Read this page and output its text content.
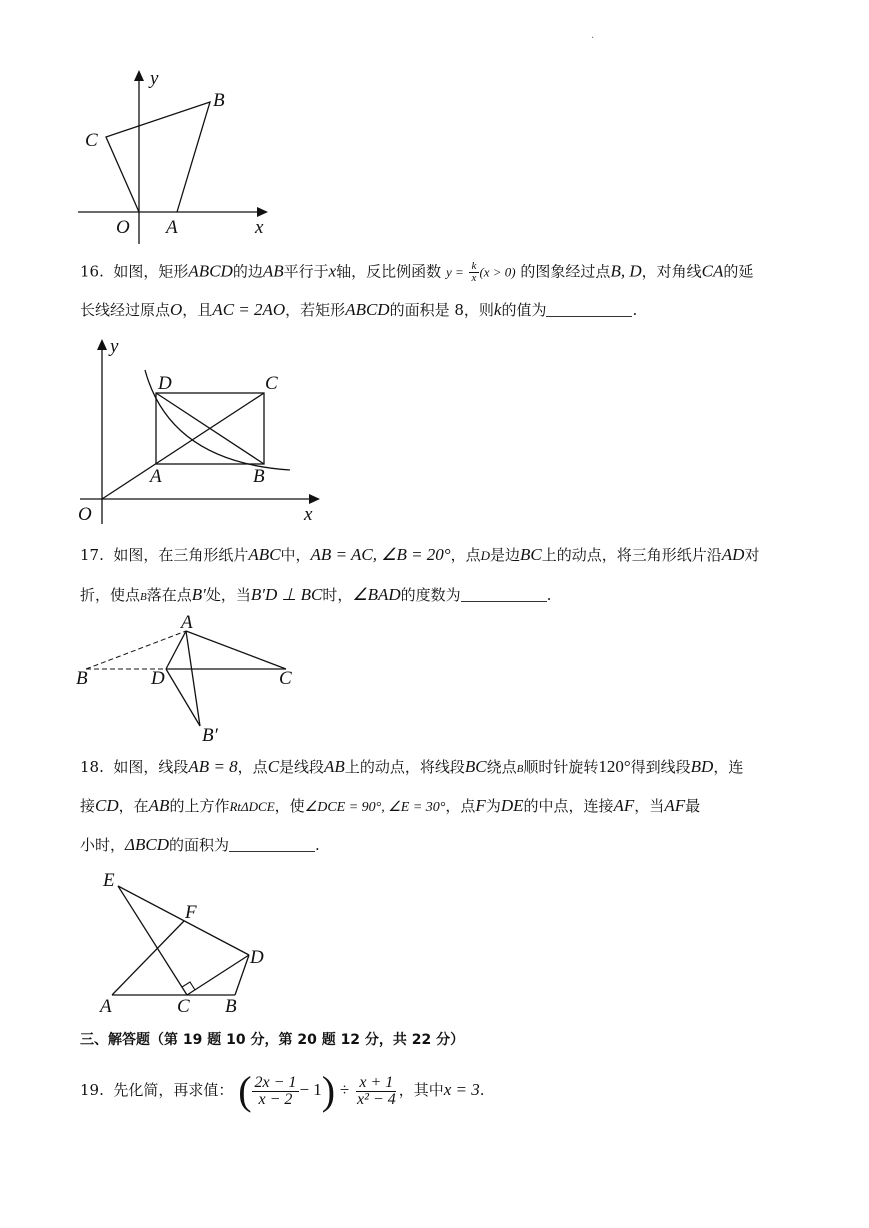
.
y
B
C
O A	x
16. 如图，矩形ABCD的边AB平行于x轴，反比例函数 $y = \frac{k}{x} (x > 0)$ 的图象经过点B, D，对角线CA的延
长线经过原点O，且AC = 2AO，若矩形ABCD的面积是 8，则k的值为	.
y
D	C
A	B
O	x
17. 如图，在三角形纸片ABC中，AB = AC, ∠B = 20°，点D是边BC上的动点，将三角形纸片沿AD对
折，使点B落在点B′处，当B′D ⊥ BC时，∠BAD的度数为	.
A
B	D	C
B′
18. 如图，线段AB = 8，点C是线段AB上的动点，将线段BC绕点B顺时针旋转120°得到线段BD，连
接CD，在AB的上方作RtΔDCE，使∠DCE = 90°, ∠E = 30°，点F为DE的中点，连接AF，当AF最
小时，ΔBCD的面积为	.
E
F
D
A	C B
三、解答题（第 19 题 10 分，第 20 题 12 分，共 22 分）
19. 先化简，再求值： ( $\frac{2x - 1}{x - 2} - 1) \div \frac{x + 1}{\text{x² − 4}}$ ，其中x = 3.
